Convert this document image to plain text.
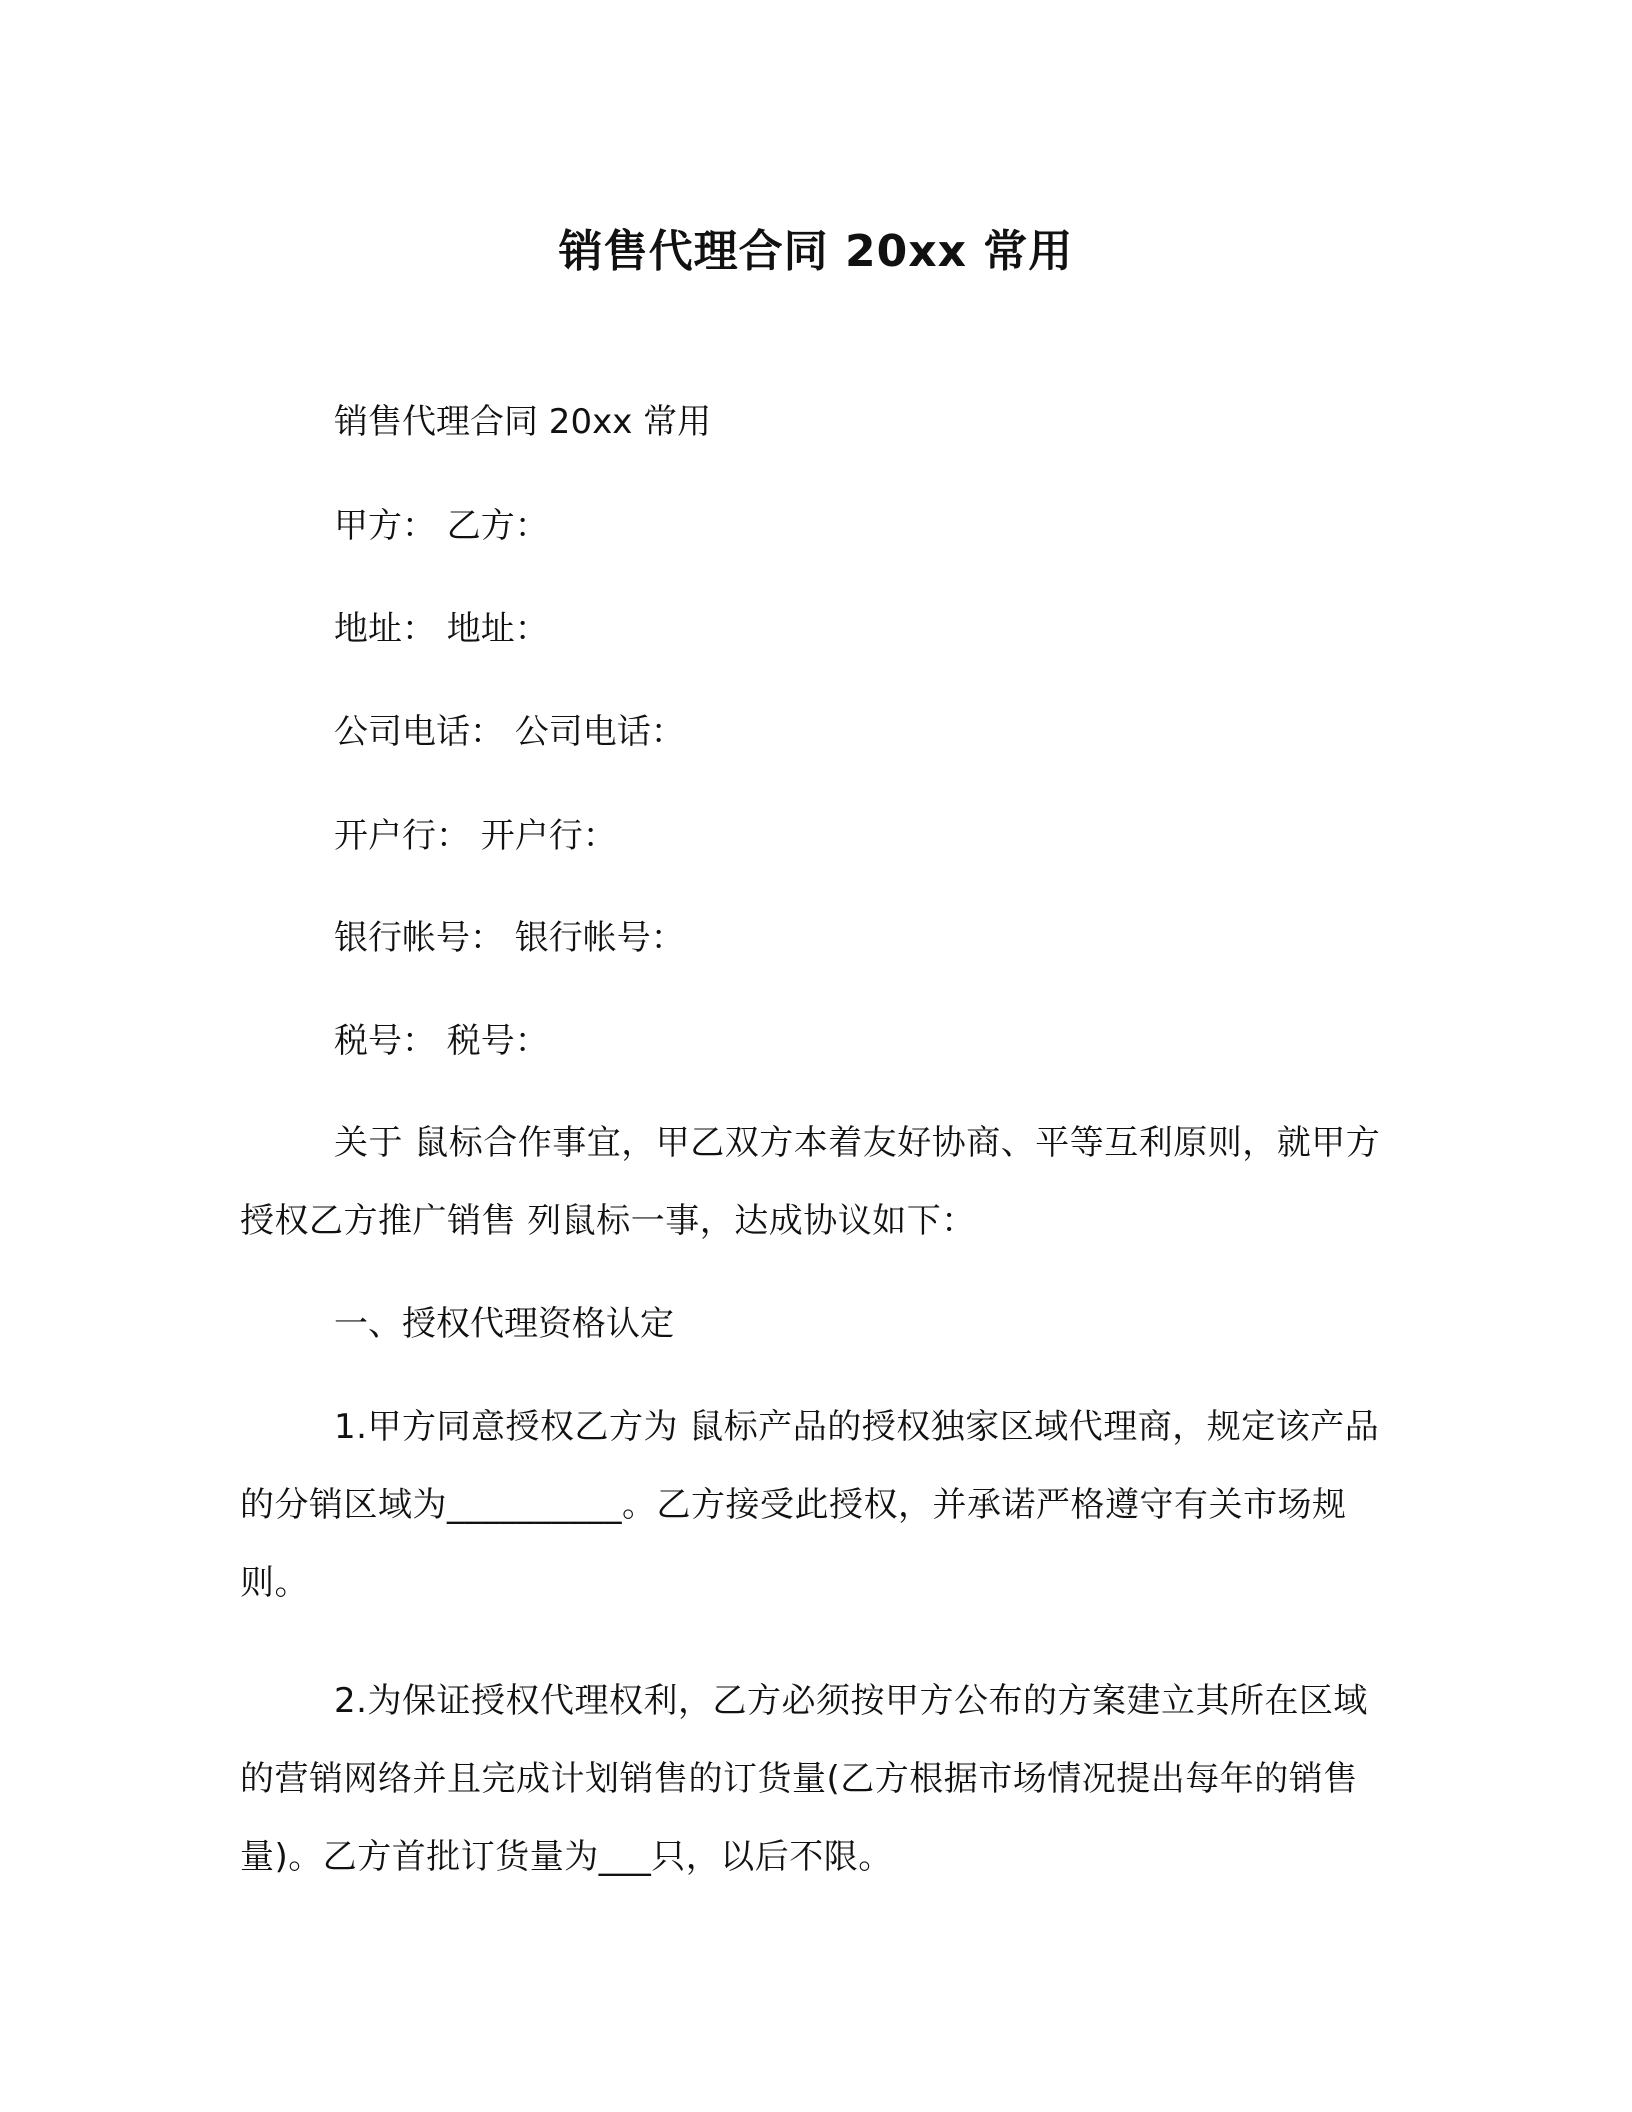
销售代理合同 20xx 常用
销售代理合同 20xx 常用
甲方： 乙方：
地址： 地址：
公司电话： 公司电话：
开户行： 开户行：
银行帐号： 银行帐号：
税号： 税号：
关于 鼠标合作事宜，甲乙双方本着友好协商、平等互利原则，就甲方授权乙方推广销售 列鼠标一事，达成协议如下：
一、授权代理资格认定
1.甲方同意授权乙方为 鼠标产品的授权独家区域代理商，规定该产品的分销区域为__________。乙方接受此授权，并承诺严格遵守有关市场规则。
2.为保证授权代理权利，乙方必须按甲方公布的方案建立其所在区域的营销网络并且完成计划销售的订货量(乙方根据市场情况提出每年的销售量)。乙方首批订货量为___只，以后不限。
